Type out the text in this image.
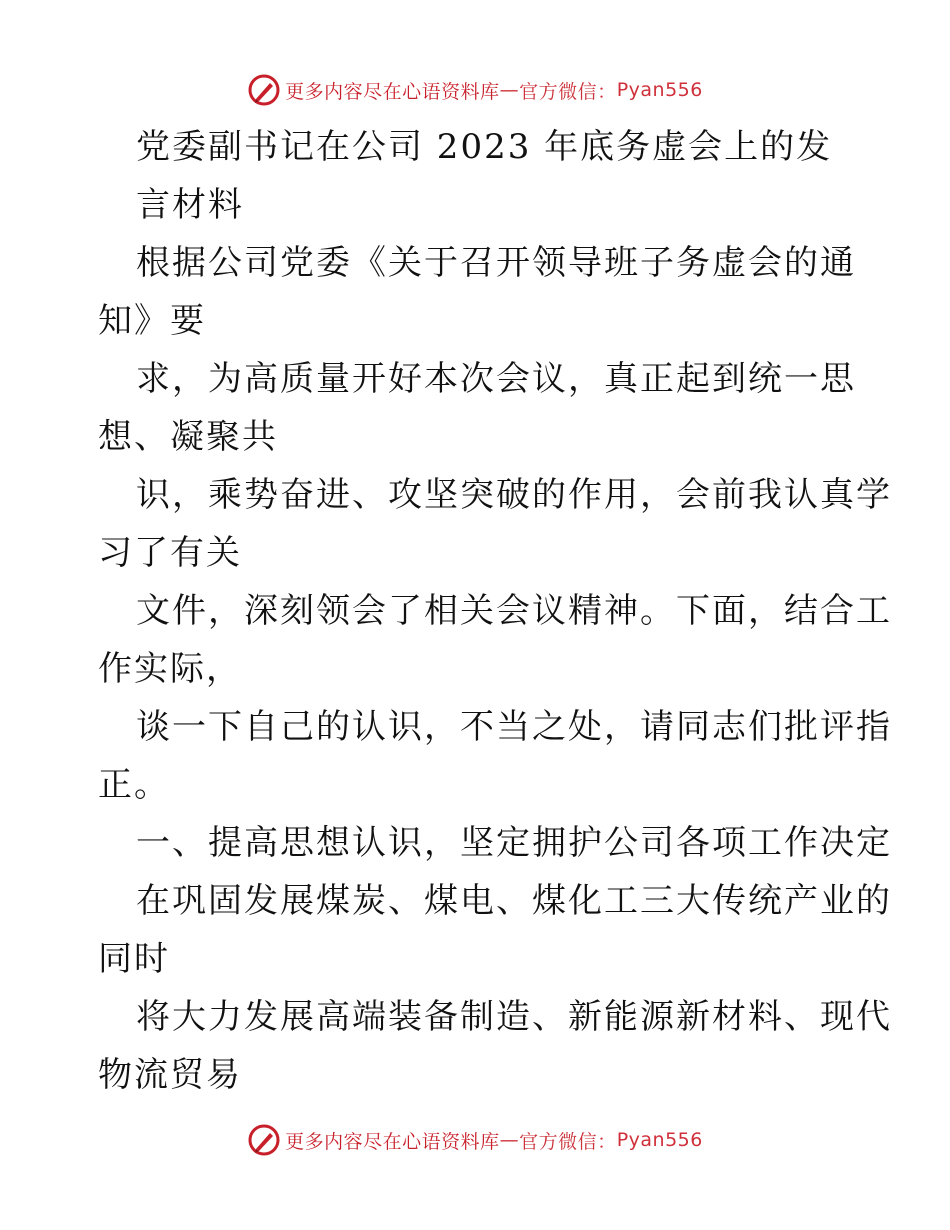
更多内容尽在心语资料库 — 官方微信： Pyan556
党委副书记在公司 2023 年底务虚会上的发
言材料
根据公司党委《关于召开领导班子务虚会的通
知》要
求，为高质量开好本次会议，真正起到统一思
想、凝聚共
识，乘势奋进、攻坚突破的作用，会前我认真学
习了有关
文件，深刻领会了相关会议精神。下面，结合工
作实际，
谈一下自己的认识，不当之处，请同志们批评指
正。
一、提高思想认识，坚定拥护公司各项工作决定
在巩固发展煤炭、煤电、煤化工三大传统产业的
同时
将大力发展高端装备制造、新能源新材料、现代
物流贸易
更多内容尽在心语资料库 — 官方微信： Pyan556
